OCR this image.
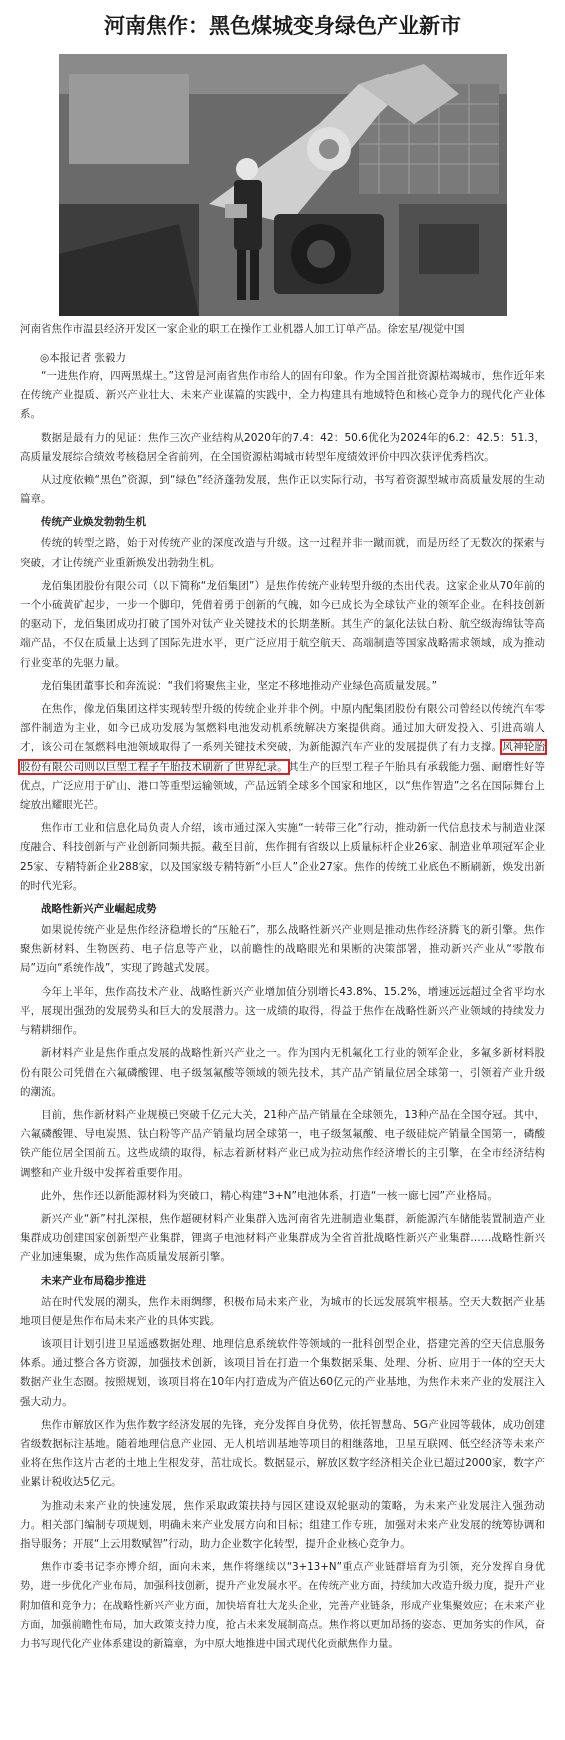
河南焦作：黑色煤城变身绿色产业新市
河南省焦作市温县经济开发区一家企业的职工在操作工业机器人加工订单产品。徐宏星/视觉中国
◎本报记者 张毅力

“一进焦作府，四两黑煤土。”这曾是河南省焦作市给人的固有印象。作为全国首批资源枯竭城市，焦作近年来在传统产业提质、新兴产业壮大、未来产业谋篇的实践中，全力构建具有地域特色和核心竞争力的现代化产业体系。

数据是最有力的见证：焦作三次产业结构从2020年的7.4：42：50.6优化为2024年的6.2：42.5：51.3，高质量发展综合绩效考核稳居全省前列，在全国资源枯竭城市转型年度绩效评价中四次获评优秀档次。

从过度依赖“黑色”资源，到“绿色”经济蓬勃发展，焦作正以实际行动，书写着资源型城市高质量发展的生动篇章。

传统产业焕发勃勃生机

传统的转型之路，始于对传统产业的深度改造与升级。这一过程并非一蹴而就，而是历经了无数次的探索与突破，才让传统产业重新焕发出勃勃生机。

龙佰集团股份有限公司（以下简称“龙佰集团”）是焦作传统产业转型升级的杰出代表。这家企业从70年前的一个小硫黄矿起步，一步一个脚印，凭借着勇于创新的气魄，如今已成长为全球钛产业的领军企业。在科技创新的驱动下，龙佰集团成功打破了国外对钛产业关键技术的长期垄断。其生产的氯化法钛白粉、航空级海绵钛等高端产品，不仅在质量上达到了国际先进水平，更广泛应用于航空航天、高端制造等国家战略需求领域，成为推动行业变革的先驱力量。

龙佰集团董事长和奔流说：“我们将聚焦主业，坚定不移地推动产业绿色高质量发展。”

在焦作，像龙佰集团这样实现转型升级的传统企业并非个例。中原内配集团股份有限公司曾经以传统汽车零部件制造为主业，如今已成功发展为氢燃料电池发动机系统解决方案提供商。通过加大研发投入、引进高端人才，该公司在氢燃料电池领域取得了一系列关键技术突破，为新能源汽车产业的发展提供了有力支撑。风神轮胎股份有限公司则以巨型工程子午胎技术刷新了世界纪录。其生产的巨型工程子午胎具有承载能力强、耐磨性好等优点，广泛应用于矿山、港口等重型运输领域，产品远销全球多个国家和地区，以“焦作智造”之名在国际舞台上绽放出耀眼光芒。

焦作市工业和信息化局负责人介绍，该市通过深入实施“一转带三化”行动，推动新一代信息技术与制造业深度融合、科技创新与产业创新同频共振。截至目前，焦作拥有省级以上质量标杆企业26家、制造业单项冠军企业25家、专精特新企业288家，以及国家级专精特新“小巨人”企业27家。焦作的传统工业底色不断刷新，焕发出新的时代光彩。

战略性新兴产业崛起成势

如果说传统产业是焦作经济稳增长的“压舱石”，那么战略性新兴产业则是推动焦作经济腾飞的新引擎。焦作聚焦新材料、生物医药、电子信息等产业，以前瞻性的战略眼光和果断的决策部署，推动新兴产业从“零散布局”迈向“系统作战”，实现了跨越式发展。

今年上半年，焦作高技术产业、战略性新兴产业增加值分别增长43.8%、15.2%，增速远远超过全省平均水平，展现出强劲的发展势头和巨大的发展潜力。这一成绩的取得，得益于焦作在战略性新兴产业领域的持续发力与精耕细作。

新材料产业是焦作重点发展的战略性新兴产业之一。作为国内无机氟化工行业的领军企业，多氟多新材料股份有限公司凭借在六氟磷酸锂、电子级氢氟酸等领域的领先技术，其产品产销量位居全球第一，引领着产业升级的潮流。

目前，焦作新材料产业规模已突破千亿元大关，21种产品产销量在全球领先，13种产品在全国夺冠。其中，六氟磷酸锂、导电炭黑、钛白粉等产品产销量均居全球第一，电子级氢氟酸、电子级硅烷产销量全国第一，磷酸铁产能位居全国前五。这些成绩的取得，标志着新材料产业已成为拉动焦作经济增长的主引擎，在全市经济结构调整和产业升级中发挥着重要作用。

此外，焦作还以新能源材料为突破口，精心构建“3+N”电池体系，打造“一核一廊七园”产业格局。

新兴产业“新”村扎深根，焦作超硬材料产业集群入选河南省先进制造业集群，新能源汽车储能装置制造产业集群成功创建国家创新型产业集群，锂离子电池材料产业集群成为全省首批战略性新兴产业集群……战略性新兴产业加速集聚，成为焦作高质量发展新引擎。

未来产业布局稳步推进

站在时代发展的潮头，焦作未雨绸缪，积极布局未来产业，为城市的长远发展筑牢根基。空天大数据产业基地项目便是焦作布局未来产业的具体实践。

该项目计划引进卫星遥感数据处理、地理信息系统软件等领域的一批科创型企业，搭建完善的空天信息服务体系。通过整合各方资源，加强技术创新，该项目旨在打造一个集数据采集、处理、分析、应用于一体的空天大数据产业生态圈。按照规划，该项目将在10年内打造成为产值达60亿元的产业基地，为焦作未来产业的发展注入强大动力。

焦作市解放区作为焦作数字经济发展的先锋，充分发挥自身优势，依托智慧岛、5G产业园等载体，成功创建省级数据标注基地。随着地理信息产业园、无人机培训基地等项目的相继落地，卫星互联网、低空经济等未来产业将在焦作这片古老的土地上生根发芽，茁壮成长。数据显示，解放区数字经济相关企业已超过2000家，数字产业累计税收达5亿元。

为推动未来产业的快速发展，焦作采取政策扶持与园区建设双轮驱动的策略，为未来产业发展注入强劲动力。相关部门编制专项规划，明确未来产业发展方向和目标；组建工作专班，加强对未来产业发展的统筹协调和指导服务；开展“上云用数赋智”行动，助力企业数字化转型，提升企业核心竞争力。

焦作市委书记李亦博介绍，面向未来，焦作将继续以“3+13+N”重点产业链群培育为引领，充分发挥自身优势，进一步优化产业布局，加强科技创新，提升产业发展水平。在传统产业方面，持续加大改造升级力度，提升产业附加值和竞争力；在战略性新兴产业方面，加快培育壮大龙头企业，完善产业链条，形成产业集聚效应；在未来产业方面，加强前瞻性布局，加大政策支持力度，抢占未来发展制高点。焦作将以更加昂扬的姿态、更加务实的作风，奋力书写现代化产业体系建设的新篇章，为中原大地推进中国式现代化贡献焦作力量。
